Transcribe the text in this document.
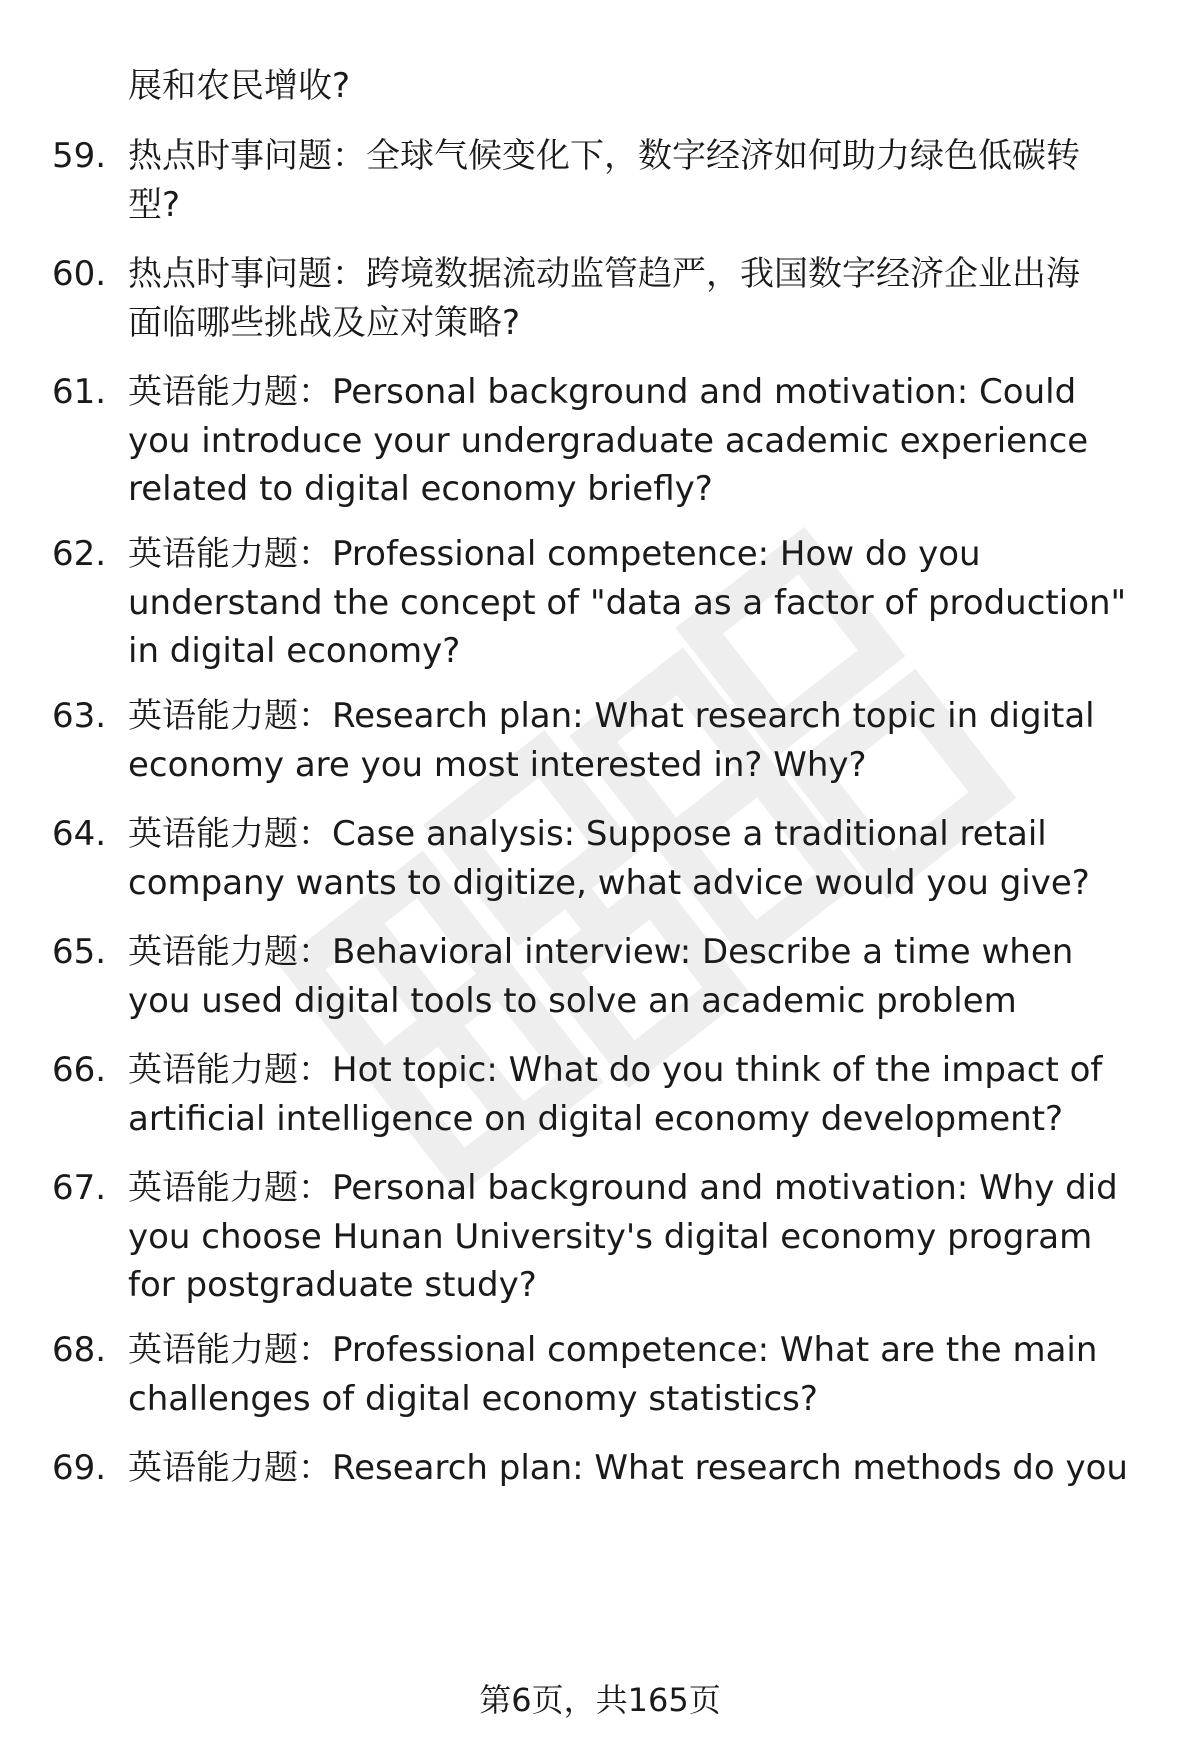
展和农民增收?
59. 热点时事问题：全球气候变化下，数字经济如何助力绿色低碳转
型?
60. 热点时事问题：跨境数据流动监管趋严，我国数字经济企业出海
面临哪些挑战及应对策略?
61. 英语能力题：Personal background and motivation: Could
you introduce your undergraduate academic experience
related to digital economy briefly?
62. 英语能力题：Professional competence: How do you
understand the concept of "data as a factor of production"
in digital economy?
63. 英语能力题：Research plan: What research topic in digital
economy are you most interested in? Why?
64. 英语能力题：Case analysis: Suppose a traditional retail
company wants to digitize, what advice would you give?
65. 英语能力题：Behavioral interview: Describe a time when
you used digital tools to solve an academic problem
66. 英语能力题：Hot topic: What do you think of the impact of
artificial intelligence on digital economy development?
67. 英语能力题：Personal background and motivation: Why did
you choose Hunan University's digital economy program
for postgraduate study?
68. 英语能力题：Professional competence: What are the main
challenges of digital economy statistics?
69. 英语能力题：Research plan: What research methods do you
第6页，共165页
